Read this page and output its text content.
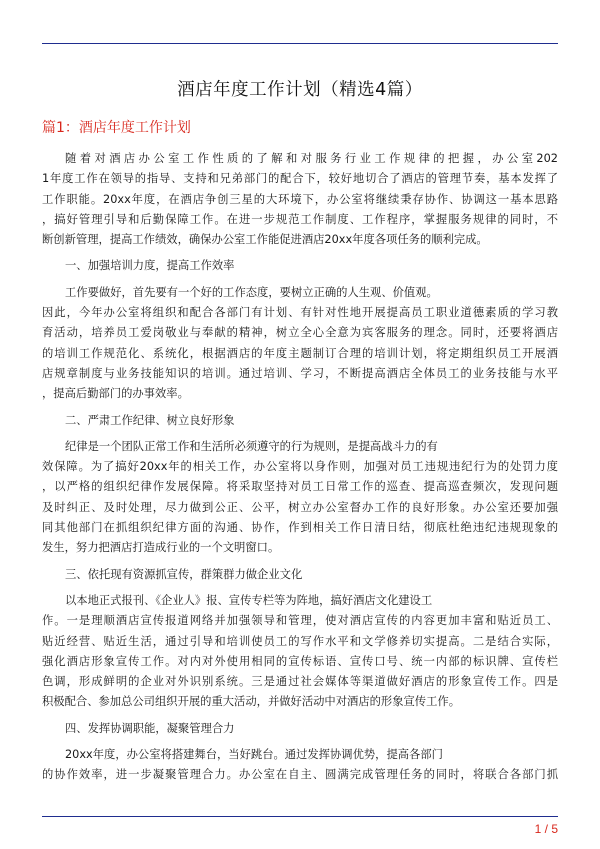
酒店年度工作计划（精选4篇）
篇1：酒店年度工作计划
随着对酒店办公室工作性质的了解和对服务行业工作规律的把握，办公室202
1年度工作在领导的指导、支持和兄弟部门的配合下，较好地切合了酒店的管理节奏，基本发挥了
工作职能。20xx年度，在酒店争创三星的大环境下，办公室将继续秉存协作、协调这一基本思路
，搞好管理引导和后勤保障工作。在进一步规范工作制度、工作程序，掌握服务规律的同时，不
断创新管理，提高工作绩效，确保办公室工作能促进酒店20xx年度各项任务的顺利完成。
一、加强培训力度，提高工作效率
工作要做好，首先要有一个好的工作态度，要树立正确的人生观、价值观。
因此，今年办公室将组织和配合各部门有计划、有针对性地开展提高员工职业道德素质的学习教
育活动，培养员工爱岗敬业与奉献的精神，树立全心全意为宾客服务的理念。同时，还要将酒店
的培训工作规范化、系统化，根据酒店的年度主题制订合理的培训计划，将定期组织员工开展酒
店规章制度与业务技能知识的培训。通过培训、学习，不断提高酒店全体员工的业务技能与水平
，提高后勤部门的办事效率。
二、严肃工作纪律、树立良好形象
纪律是一个团队正常工作和生活所必须遵守的行为规则，是提高战斗力的有
效保障。为了搞好20xx年的相关工作，办公室将以身作则，加强对员工违规违纪行为的处罚力度
，以严格的组织纪律作发展保障。将采取坚持对员工日常工作的巡查、提高巡查频次，发现问题
及时纠正、及时处理，尽力做到公正、公平，树立办公室督办工作的良好形象。办公室还要加强
同其他部门在抓组织纪律方面的沟通、协作，作到相关工作日清日结，彻底杜绝违纪违规现象的
发生，努力把酒店打造成行业的一个文明窗口。
三、依托现有资源抓宣传，群策群力做企业文化
以本地正式报刊、《企业人》报、宣传专栏等为阵地，搞好酒店文化建设工
作。一是理顺酒店宣传报道网络并加强领导和管理，使对酒店宣传的内容更加丰富和贴近员工、
贴近经营、贴近生活，通过引导和培训使员工的写作水平和文学修养切实提高。二是结合实际，
强化酒店形象宣传工作。对内对外使用相同的宣传标语、宣传口号、统一内部的标识牌、宣传栏
色调，形成鲜明的企业对外识别系统。三是通过社会媒体等渠道做好酒店的形象宣传工作。四是
积极配合、参加总公司组织开展的重大活动，并做好活动中对酒店的形象宣传工作。
四、发挥协调职能，凝聚管理合力
20xx年度，办公室将搭建舞台，当好跳台。通过发挥协调优势，提高各部门
的协作效率，进一步凝聚管理合力。办公室在自主、圆满完成管理任务的同时，将联合各部门抓
1 / 5
